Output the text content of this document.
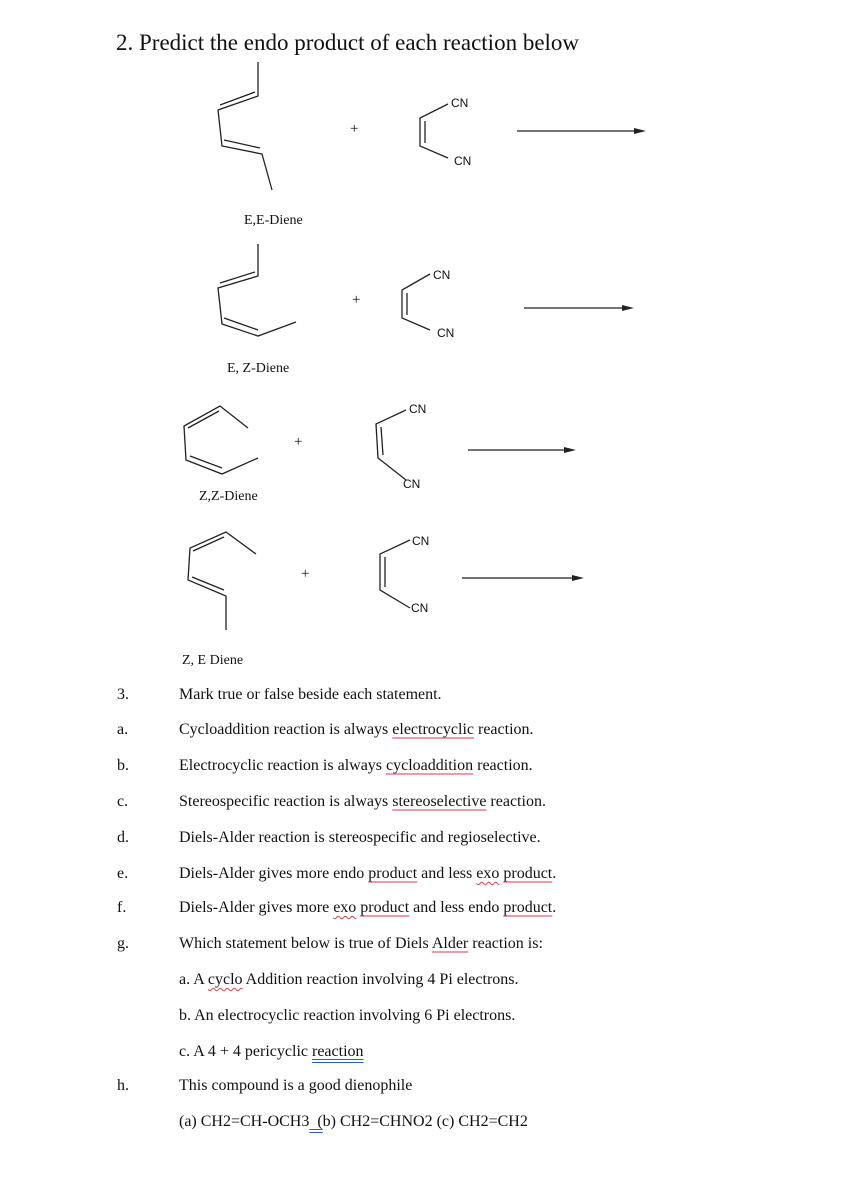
2. Predict the endo product of each reaction below
+
CN
CN
E,E-Diene
+
CN
CN
E, Z-Diene
+
CN
CN
Z,Z-Diene
+
CN
CN
Z, E Diene
3.	Mark true or false beside each statement.
a.	Cycloaddition reaction is always electrocyclic reaction.
b.	Electrocyclic reaction is always cycloaddition reaction.
c.	Stereospecific reaction is always stereoselective reaction.
d.	Diels-Alder reaction is stereospecific and regioselective.
e.	Diels-Alder gives more endo product and less exo product.
f.	Diels-Alder gives more exo product and less endo product.
g.	Which statement below is true of Diels Alder reaction is:
a. A cyclo Addition reaction involving 4 Pi electrons.
b. An electrocyclic reaction involving 6 Pi electrons.
c. A 4 + 4 pericyclic reaction
h.	This compound is a good dienophile
(a) CH2=CH-OCH3  (b) CH2=CHNO2 (c) CH2=CH2
